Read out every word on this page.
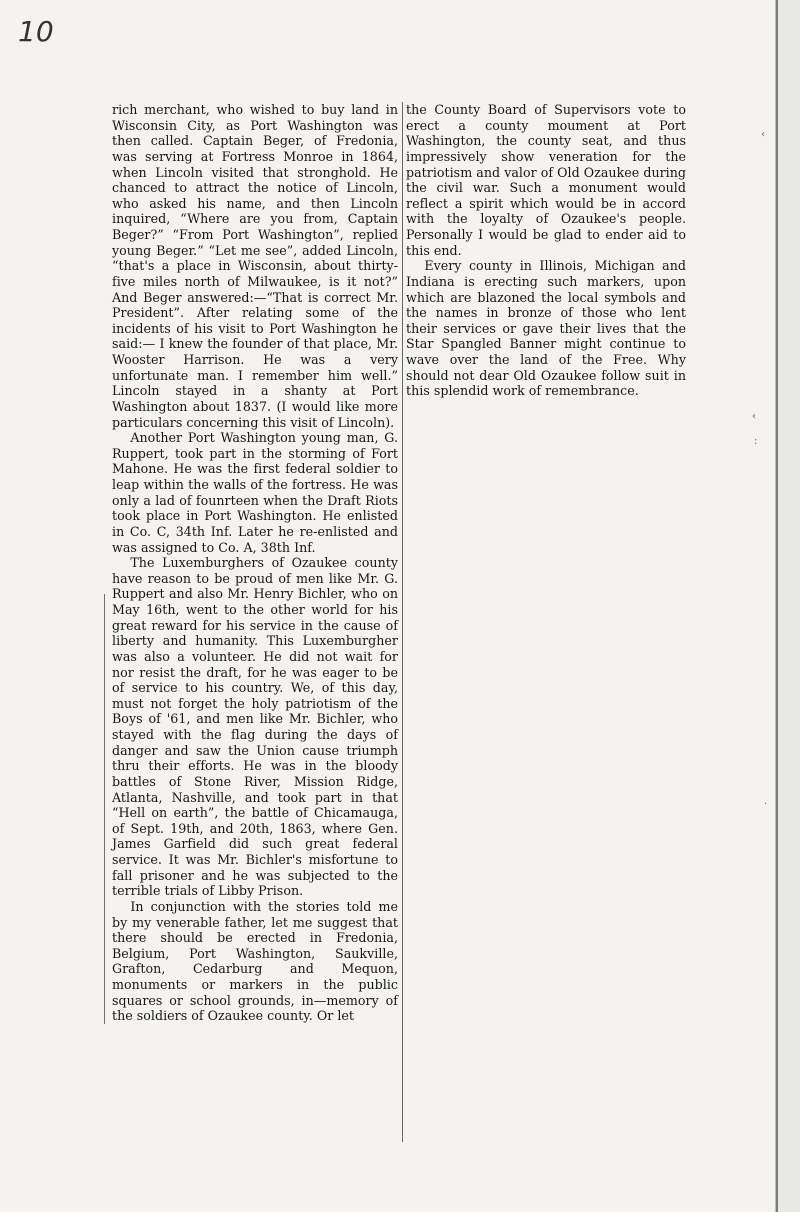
10

rich merchant, who wished to buy land in Wisconsin City, as Port Washington was then called. Captain Beger, of Fredonia, was serving at Fortress Monroe in 1864, when Lincoln visited that stronghold. He chanced to attract the notice of Lincoln, who asked his name, and then Lincoln inquired, “Where are you from, Captain Beger?” “From Port Washington”, replied young Beger.” “Let me see”, added Lincoln, “that's a place in Wisconsin, about thirty-five miles north of Milwaukee, is it not?” And Beger answered:—“That is correct Mr. President”. After relating some of the incidents of his visit to Port Washington he said:— I knew the founder of that place, Mr. Wooster Harrison. He was a very unfortunate man. I remember him well.” Lincoln stayed in a shanty at Port Washington about 1837. (I would like more particulars concerning this visit of Lincoln).

Another Port Washington young man, G. Ruppert, took part in the storming of Fort Mahone. He was the first federal soldier to leap within the walls of the fortress. He was only a lad of founrteen when the Draft Riots took place in Port Washington. He enlisted in Co. C, 34th Inf. Later he re-enlisted and was assigned to Co. A, 38th Inf.

The Luxemburghers of Ozaukee county have reason to be proud of men like Mr. G. Ruppert and also Mr. Henry Bichler, who on May 16th, went to the other world for his great reward for his service in the cause of liberty and humanity. This Luxemburgher was also a volunteer. He did not wait for nor resist the draft, for he was eager to be of service to his country. We, of this day, must not forget the holy patriotism of the Boys of '61, and men like Mr. Bichler, who stayed with the flag during the days of danger and saw the Union cause triumph thru their efforts. He was in the bloody battles of Stone River, Mission Ridge, Atlanta, Nashville, and took part in that “Hell on earth”, the battle of Chicamauga, of Sept. 19th, and 20th, 1863, where Gen. James Garfield did such great federal service. It was Mr. Bichler's misfortune to fall prisoner and he was subjected to the terrible trials of Libby Prison.

In conjunction with the stories told me by my venerable father, let me suggest that there should be erected in Fredonia, Belgium, Port Washington, Saukville, Grafton, Cedarburg and Mequon, monuments or markers in the public squares or school grounds, in—memory of the soldiers of Ozaukee county. Or let

the County Board of Supervisors vote to erect a county moument at Port Washington, the county seat, and thus impressively show veneration for the patriotism and valor of Old Ozaukee during the civil war. Such a monument would reflect a spirit which would be in accord with the loyalty of Ozaukee's people. Personally I would be glad to ender aid to this end.

Every county in Illinois, Michigan and Indiana is erecting such markers, upon which are blazoned the local symbols and the names in bronze of those who lent their services or gave their lives that the Star Spangled Banner might continue to wave over the land of the Free. Why should not dear Old Ozaukee follow suit in this splendid work of remembrance.

‹
‹
:
·
